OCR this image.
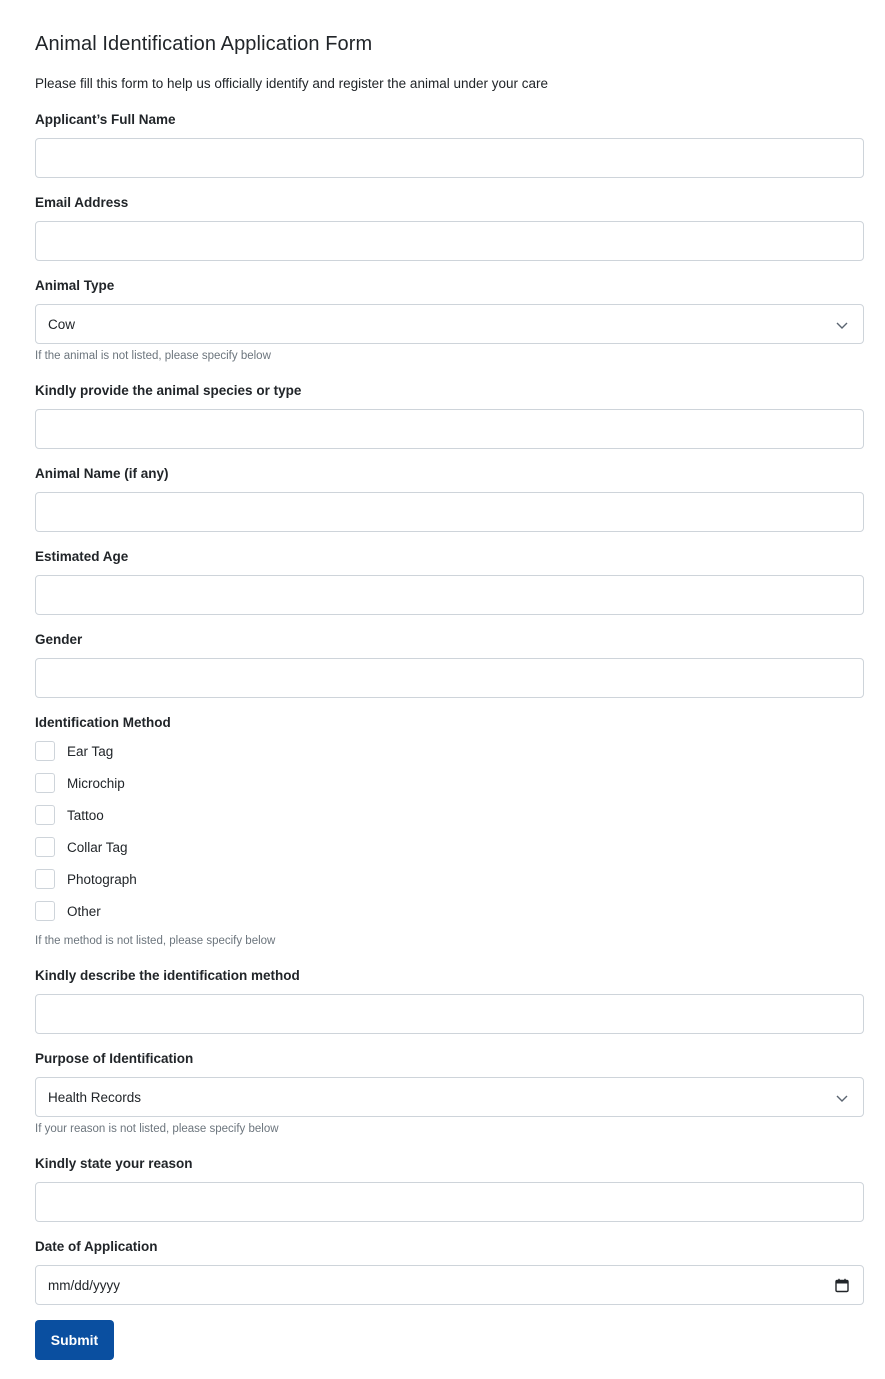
Animal Identification Application Form

Please fill this form to help us officially identify and register the animal under your care

Applicant’s Full Name
Email Address
Animal Type
Cow
If the animal is not listed, please specify below
Kindly provide the animal species or type
Animal Name (if any)
Estimated Age
Gender
Identification Method
Ear Tag
Microchip
Tattoo
Collar Tag
Photograph
Other
If the method is not listed, please specify below
Kindly describe the identification method
Purpose of Identification
Health Records
If your reason is not listed, please specify below
Kindly state your reason
Date of Application
mm/dd/yyyy
Submit
